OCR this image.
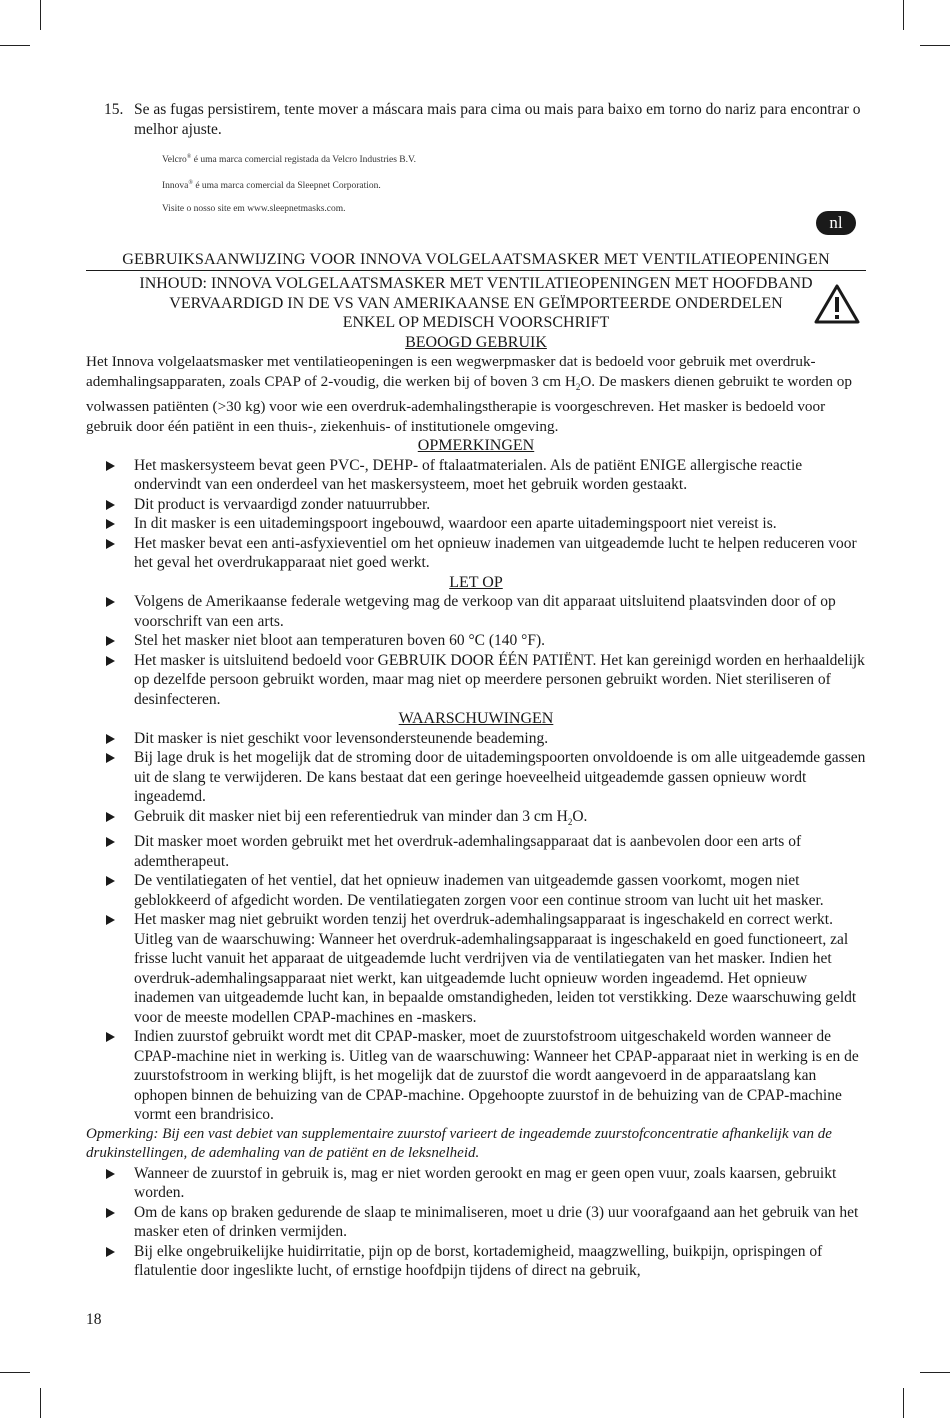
nl
15. Se as fugas persistirem, tente mover a máscara mais para cima ou mais para baixo em torno do nariz para encontrar o melhor ajuste.
Velcro® é uma marca comercial registada da Velcro Industries B.V.
Innova® é uma marca comercial da Sleepnet Corporation.
Visite o nosso site em www.sleepnetmasks.com.
GEBRUIKSAANWIJZING VOOR INNOVA VOLGELAATSMASKER MET VENTILATIEOPENINGEN
INHOUD: INNOVA VOLGELAATSMASKER MET VENTILATIEOPENINGEN MET HOOFDBAND
VERVAARDIGD IN DE VS VAN AMERIKAANSE EN GEÏMPORTEERDE ONDERDELEN
ENKEL OP MEDISCH VOORSCHRIFT
BEOOGD GEBRUIK
Het Innova volgelaatsmasker met ventilatieopeningen is een wegwerpmasker dat is bedoeld voor gebruik met overdruk-ademhalingsapparaten, zoals CPAP of 2-voudig, die werken bij of boven 3 cm $H_2O$. De maskers dienen gebruikt te worden op volwassen patiënten (>30 kg) voor wie een overdruk-ademhalingstherapie is voorgeschreven. Het masker is bedoeld voor gebruik door één patiënt in een thuis-, ziekenhuis- of institutionele omgeving.
OPMERKINGEN
Het maskersysteem bevat geen PVC-, DEHP- of ftalaatmaterialen. Als de patiënt ENIGE allergische reactie ondervindt van een onderdeel van het maskersysteem, moet het gebruik worden gestaakt.
Dit product is vervaardigd zonder natuurrubber.
In dit masker is een uitademingspoort ingebouwd, waardoor een aparte uitademingspoort niet vereist is.
Het masker bevat een anti-asfyxieventiel om het opnieuw inademen van uitgeademde lucht te helpen reduceren voor het geval het overdrukapparaat niet goed werkt.
LET OP
Volgens de Amerikaanse federale wetgeving mag de verkoop van dit apparaat uitsluitend plaatsvinden door of op voorschrift van een arts.
Stel het masker niet bloot aan temperaturen boven 60 °C (140 °F).
Het masker is uitsluitend bedoeld voor GEBRUIK DOOR ÉÉN PATIËNT. Het kan gereinigd worden en herhaaldelijk op dezelfde persoon gebruikt worden, maar mag niet op meerdere personen gebruikt worden. Niet steriliseren of desinfecteren.
WAARSCHUWINGEN
Dit masker is niet geschikt voor levensondersteunende beademing.
Bij lage druk is het mogelijk dat de stroming door de uitademingspoorten onvoldoende is om alle uitgeademde gassen uit de slang te verwijderen. De kans bestaat dat een geringe hoeveelheid uitgeademde gassen opnieuw wordt ingeademd.
Gebruik dit masker niet bij een referentiedruk van minder dan 3 cm $H_2O$.
Dit masker moet worden gebruikt met het overdruk-ademhalingsapparaat dat is aanbevolen door een arts of ademtherapeut.
De ventilatiegaten of het ventiel, dat het opnieuw inademen van uitgeademde gassen voorkomt, mogen niet geblokkeerd of afgedicht worden. De ventilatiegaten zorgen voor een continue stroom van lucht uit het masker.
Het masker mag niet gebruikt worden tenzij het overdruk-ademhalingsapparaat is ingeschakeld en correct werkt. Uitleg van de waarschuwing: Wanneer het overdruk-ademhalingsapparaat is ingeschakeld en goed functioneert, zal frisse lucht vanuit het apparaat de uitgeademde lucht verdrijven via de ventilatiegaten van het masker. Indien het overdruk-ademhalingsapparaat niet werkt, kan uitgeademde lucht opnieuw worden ingeademd. Het opnieuw inademen van uitgeademde lucht kan, in bepaalde omstandigheden, leiden tot verstikking. Deze waarschuwing geldt voor de meeste modellen CPAP-machines en -maskers.
Indien zuurstof gebruikt wordt met dit CPAP-masker, moet de zuurstofstroom uitgeschakeld worden wanneer de CPAP-machine niet in werking is. Uitleg van de waarschuwing: Wanneer het CPAP-apparaat niet in werking is en de zuurstofstroom in werking blijft, is het mogelijk dat de zuurstof die wordt aangevoerd in de apparaatslang kan ophopen binnen de behuizing van de CPAP-machine. Opgehoopte zuurstof in de behuizing van de CPAP-machine vormt een brandrisico.
Opmerking: Bij een vast debiet van supplementaire zuurstof varieert de ingeademde zuurstofconcentratie afhankelijk van de drukinstellingen, de ademhaling van de patiënt en de leksnelheid.
Wanneer de zuurstof in gebruik is, mag er niet worden gerookt en mag er geen open vuur, zoals kaarsen, gebruikt worden.
Om de kans op braken gedurende de slaap te minimaliseren, moet u drie (3) uur voorafgaand aan het gebruik van het masker eten of drinken vermijden.
Bij elke ongebruikelijke huidirritatie, pijn op de borst, kortademigheid, maagzwelling, buikpijn, oprispingen of flatulentie door ingeslikte lucht, of ernstige hoofdpijn tijdens of direct na gebruik,
18
